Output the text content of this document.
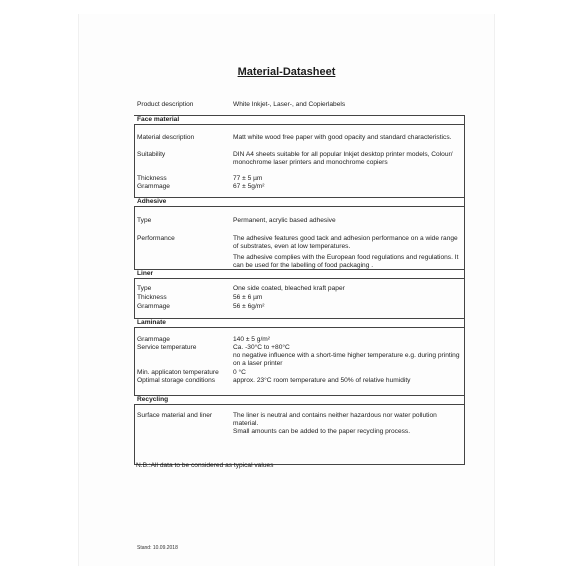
Material-Datasheet
Product description	White Inkjet-, Laser-, and Copierlabels
Face material
Material description	Matt white wood free paper with good opacity and standard characteristics.
Suitability	DIN A4 sheets suitable for all popular Inkjet desktop printer models, Colour/ monochrome laser printers and monochrome copiers
Thickness	77 ± 5 µm
Grammage	67 ± 5g/m²
Adhesive
Type	Permanent, acrylic based adhesive
Performance	The adhesive features good tack and adhesion performance on a wide range of substrates, even at low temperatures.
The adhesive complies with the European food regulations and regulations. It can be used for the labelling of food packaging .
Liner
Type	One side coated, bleached kraft paper
Thickness	56 ± 6 µm
Grammage	56 ± 6g/m²
Laminate
Grammage	140 ± 5 g/m²
Service temperature	Ca. -30°C to +80°C
no negative influence with a short-time higher temperature e.g. during printing on a laser printer
Min. applicaton temperature	0 °C
Optimal storage conditions	approx. 23°C room temperature and 50% of relative humidity
Recycling
Surface material and liner	The liner is neutral and contains neither hazardous nor water pollution material.
Small amounts can be added to the paper recycling process.
N.B.:All data to be considered as typical values
Stand: 10.09.2018
